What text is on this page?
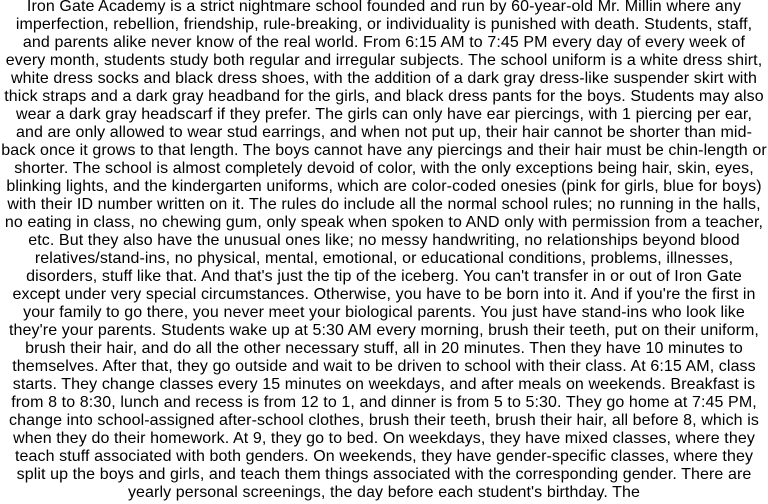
Iron Gate Academy is a strict nightmare school founded and run by 60-year-old Mr. Millin where any imperfection, rebellion, friendship, rule-breaking, or individuality is punished with death. Students, staff, and parents alike never know of the real world. From 6:15 AM to 7:45 PM every day of every week of every month, students study both regular and irregular subjects. The school uniform is a white dress shirt, white dress socks and black dress shoes, with the addition of a dark gray dress-like suspender skirt with thick straps and a dark gray headband for the girls, and black dress pants for the boys. Students may also wear a dark gray headscarf if they prefer. The girls can only have ear piercings, with 1 piercing per ear, and are only allowed to wear stud earrings, and when not put up, their hair cannot be shorter than mid-back once it grows to that length. The boys cannot have any piercings and their hair must be chin-length or shorter. The school is almost completely devoid of color, with the only exceptions being hair, skin, eyes, blinking lights, and the kindergarten uniforms, which are color-coded onesies (pink for girls, blue for boys) with their ID number written on it. The rules do include all the normal school rules; no running in the halls, no eating in class, no chewing gum, only speak when spoken to AND only with permission from a teacher, etc. But they also have the unusual ones like; no messy handwriting, no relationships beyond blood relatives/stand-ins, no physical, mental, emotional, or educational conditions, problems, illnesses, disorders, stuff like that. And that's just the tip of the iceberg. You can't transfer in or out of Iron Gate except under very special circumstances. Otherwise, you have to be born into it. And if you're the first in your family to go there, you never meet your biological parents. You just have stand-ins who look like they're your parents. Students wake up at 5:30 AM every morning, brush their teeth, put on their uniform, brush their hair, and do all the other necessary stuff, all in 20 minutes. Then they have 10 minutes to themselves. After that, they go outside and wait to be driven to school with their class. At 6:15 AM, class starts. They change classes every 15 minutes on weekdays, and after meals on weekends. Breakfast is from 8 to 8:30, lunch and recess is from 12 to 1, and dinner is from 5 to 5:30. They go home at 7:45 PM, change into school-assigned after-school clothes, brush their teeth, brush their hair, all before 8, which is when they do their homework. At 9, they go to bed. On weekdays, they have mixed classes, where they teach stuff associated with both genders. On weekends, they have gender-specific classes, where they split up the boys and girls, and teach them things associated with the corresponding gender. There are yearly personal screenings, the day before each student's birthday. The
